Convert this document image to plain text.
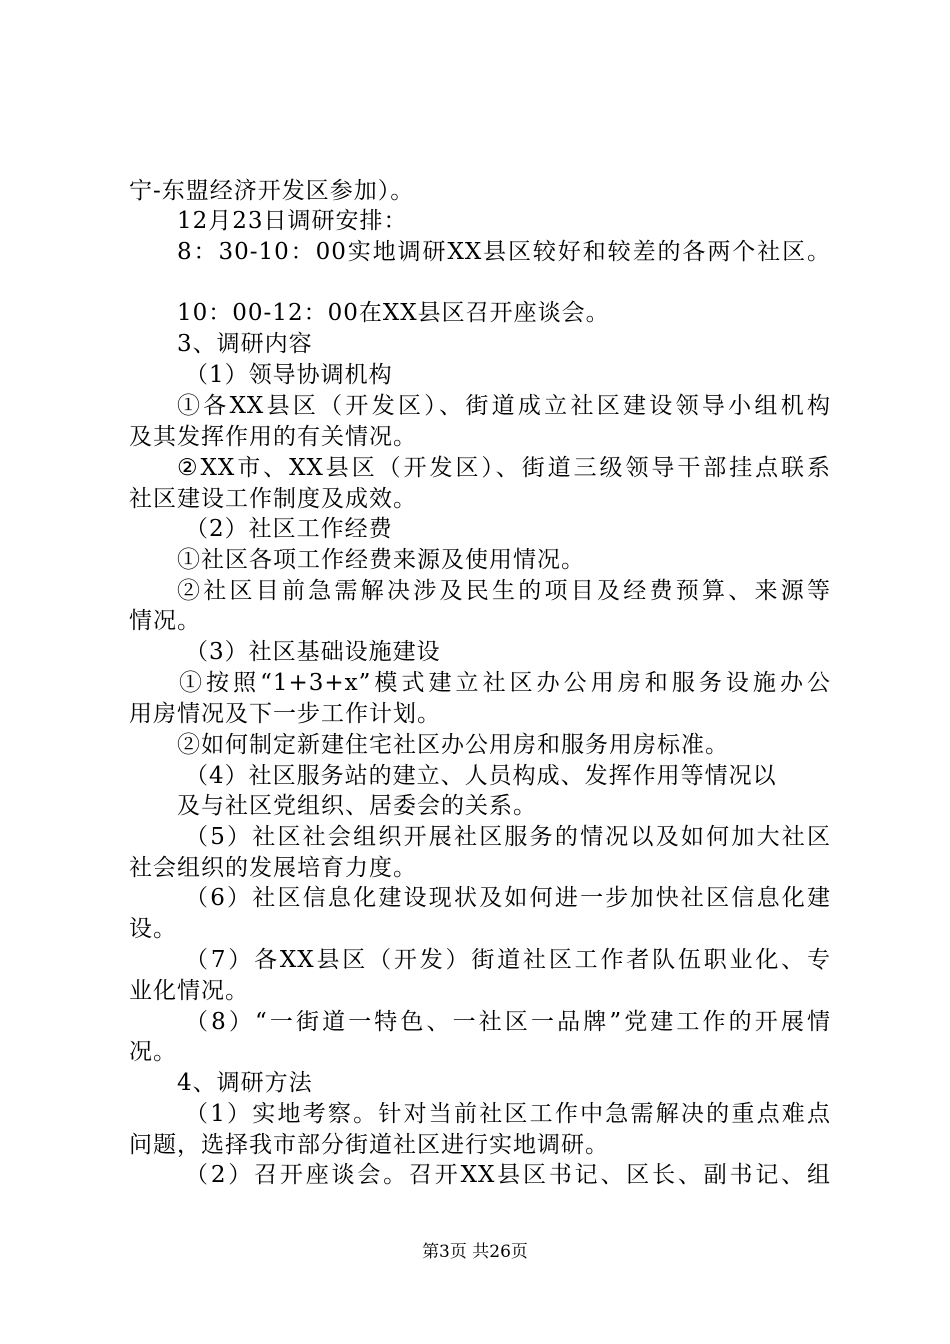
宁-东盟经济开发区参加）。
12月23日调研安排：
8：30-10：00实地调研XX县区较好和较差的各两个社区。
10：00-12：00在XX县区召开座谈会。
3、调研内容
（1）领导协调机构
①各XX县区（开发区）、街道成立社区建设领导小组机构
及其发挥作用的有关情况。
②XX市、XX县区（开发区）、街道三级领导干部挂点联系
社区建设工作制度及成效。
（2）社区工作经费
①社区各项工作经费来源及使用情况。
②社区目前急需解决涉及民生的项目及经费预算、来源等
情况。
（3）社区基础设施建设
①按照“1+3+x”模式建立社区办公用房和服务设施办公
用房情况及下一步工作计划。
②如何制定新建住宅社区办公用房和服务用房标准。
（4）社区服务站的建立、人员构成、发挥作用等情况以
及与社区党组织、居委会的关系。
（5）社区社会组织开展社区服务的情况以及如何加大社区
社会组织的发展培育力度。
（6）社区信息化建设现状及如何进一步加快社区信息化建
设。
（7）各XX县区（开发）街道社区工作者队伍职业化、专
业化情况。
（8）“一街道一特色、一社区一品牌”党建工作的开展情
况。
4、调研方法
（1）实地考察。针对当前社区工作中急需解决的重点难点
问题，选择我市部分街道社区进行实地调研。
（2）召开座谈会。召开XX县区书记、区长、副书记、组
第3页 共26页
